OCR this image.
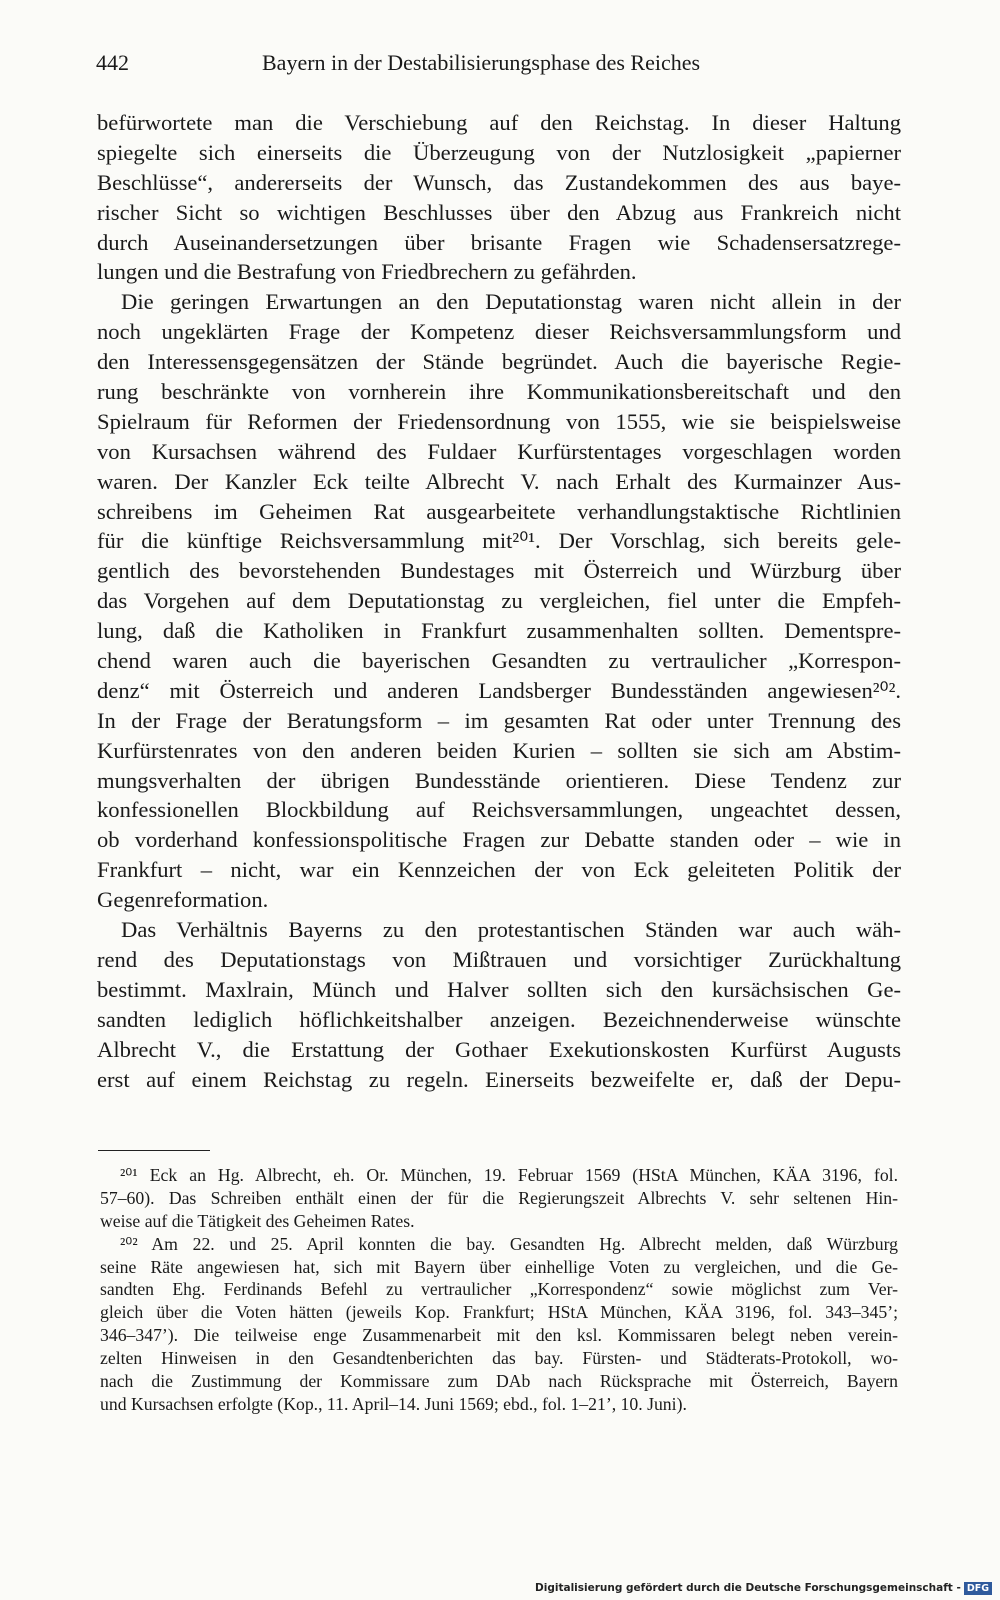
442	Bayern in der Destabilisierungsphase des Reiches
befürwortete man die Verschiebung auf den Reichstag. In dieser Haltung
spiegelte sich einerseits die Überzeugung von der Nutzlosigkeit „papierner
Beschlüsse“, andererseits der Wunsch, das Zustandekommen des aus baye-
rischer Sicht so wichtigen Beschlusses über den Abzug aus Frankreich nicht
durch Auseinandersetzungen über brisante Fragen wie Schadensersatzrege-
lungen und die Bestrafung von Friedbrechern zu gefährden.
Die geringen Erwartungen an den Deputationstag waren nicht allein in der
noch ungeklärten Frage der Kompetenz dieser Reichsversammlungsform und
den Interessensgegensätzen der Stände begründet. Auch die bayerische Regie-
rung beschränkte von vornherein ihre Kommunikationsbereitschaft und den
Spielraum für Reformen der Friedensordnung von 1555, wie sie beispielsweise
von Kursachsen während des Fuldaer Kurfürstentages vorgeschlagen worden
waren. Der Kanzler Eck teilte Albrecht V. nach Erhalt des Kurmainzer Aus-
schreibens im Geheimen Rat ausgearbeitete verhandlungstaktische Richtlinien
für die künftige Reichsversammlung mit²⁰¹. Der Vorschlag, sich bereits gele-
gentlich des bevorstehenden Bundestages mit Österreich und Würzburg über
das Vorgehen auf dem Deputationstag zu vergleichen, fiel unter die Empfeh-
lung, daß die Katholiken in Frankfurt zusammenhalten sollten. Dementspre-
chend waren auch die bayerischen Gesandten zu vertraulicher „Korrespon-
denz“ mit Österreich und anderen Landsberger Bundesständen angewiesen²⁰².
In der Frage der Beratungsform – im gesamten Rat oder unter Trennung des
Kurfürstenrates von den anderen beiden Kurien – sollten sie sich am Abstim-
mungsverhalten der übrigen Bundesstände orientieren. Diese Tendenz zur
konfessionellen Blockbildung auf Reichsversammlungen, ungeachtet dessen,
ob vorderhand konfessionspolitische Fragen zur Debatte standen oder – wie in
Frankfurt – nicht, war ein Kennzeichen der von Eck geleiteten Politik der
Gegenreformation.
Das Verhältnis Bayerns zu den protestantischen Ständen war auch wäh-
rend des Deputationstags von Mißtrauen und vorsichtiger Zurückhaltung
bestimmt. Maxlrain, Münch und Halver sollten sich den kursächsischen Ge-
sandten lediglich höflichkeitshalber anzeigen. Bezeichnenderweise wünschte
Albrecht V., die Erstattung der Gothaer Exekutionskosten Kurfürst Augusts
erst auf einem Reichstag zu regeln. Einerseits bezweifelte er, daß der Depu-
²⁰¹ Eck an Hg. Albrecht, eh. Or. München, 19. Februar 1569 (HStA München, KÄA 3196, fol.
57–60). Das Schreiben enthält einen der für die Regierungszeit Albrechts V. sehr seltenen Hin-
weise auf die Tätigkeit des Geheimen Rates.
²⁰² Am 22. und 25. April konnten die bay. Gesandten Hg. Albrecht melden, daß Würzburg
seine Räte angewiesen hat, sich mit Bayern über einhellige Voten zu vergleichen, und die Ge-
sandten Ehg. Ferdinands Befehl zu vertraulicher „Korrespondenz“ sowie möglichst zum Ver-
gleich über die Voten hätten (jeweils Kop. Frankfurt; HStA München, KÄA 3196, fol. 343–345’;
346–347’). Die teilweise enge Zusammenarbeit mit den ksl. Kommissaren belegt neben verein-
zelten Hinweisen in den Gesandtenberichten das bay. Fürsten- und Städterats-Protokoll, wo-
nach die Zustimmung der Kommissare zum DAb nach Rücksprache mit Österreich, Bayern
und Kursachsen erfolgte (Kop., 11. April–14. Juni 1569; ebd., fol. 1–21’, 10. Juni).
Digitalisierung gefördert durch die Deutsche Forschungsgemeinschaft - DFG
